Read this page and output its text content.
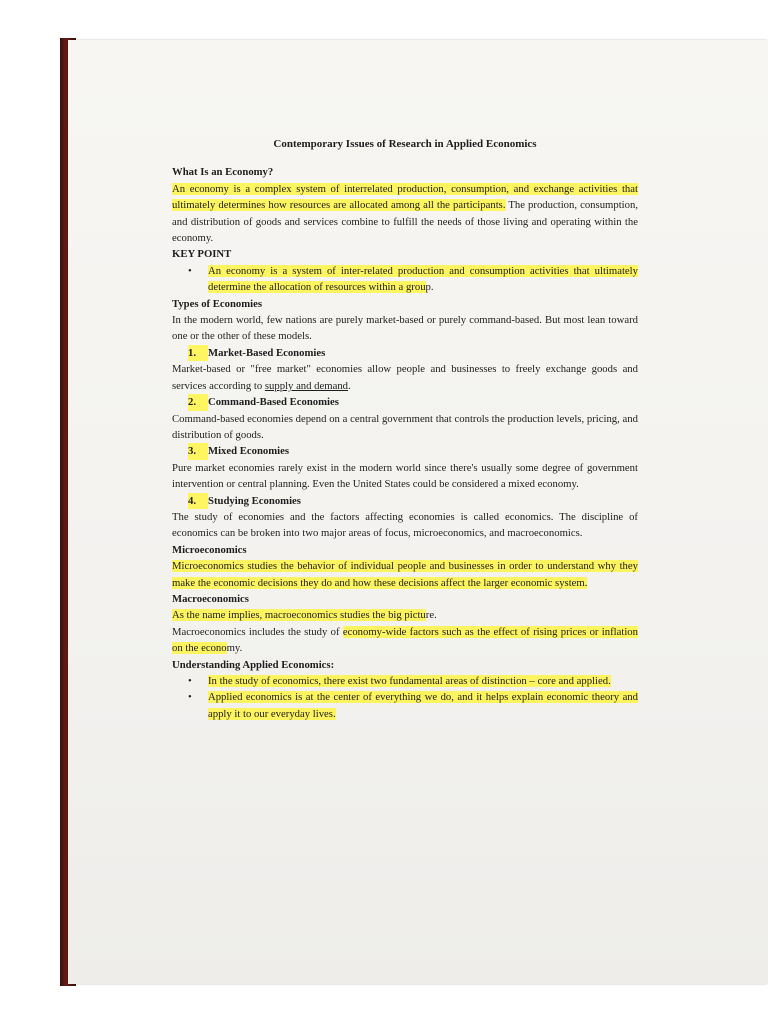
Contemporary Issues of Research in Applied Economics

What Is an Economy?

An economy is a complex system of interrelated production, consumption, and exchange activities that ultimately determines how resources are allocated among all the participants. The production, consumption, and distribution of goods and services combine to fulfill the needs of those living and operating within the economy.

KEY POINT

• An economy is a system of inter-related production and consumption activities that ultimately determine the allocation of resources within a group.

Types of Economies

In the modern world, few nations are purely market-based or purely command-based. But most lean toward one or the other of these models.

1. Market-Based Economies

Market-based or "free market" economies allow people and businesses to freely exchange goods and services according to supply and demand.

2. Command-Based Economies

Command-based economies depend on a central government that controls the production levels, pricing, and distribution of goods.

3. Mixed Economies

Pure market economies rarely exist in the modern world since there's usually some degree of government intervention or central planning. Even the United States could be considered a mixed economy.

4. Studying Economies

The study of economies and the factors affecting economies is called economics. The discipline of economics can be broken into two major areas of focus, microeconomics, and macroeconomics.

Microeconomics

Microeconomics studies the behavior of individual people and businesses in order to understand why they make the economic decisions they do and how these decisions affect the larger economic system.

Macroeconomics

As the name implies, macroeconomics studies the big picture.

Macroeconomics includes the study of economy-wide factors such as the effect of rising prices or inflation on the economy.

Understanding Applied Economics:

• In the study of economics, there exist two fundamental areas of distinction – core and applied.
• Applied economics is at the center of everything we do, and it helps explain economic theory and apply it to our everyday lives.
